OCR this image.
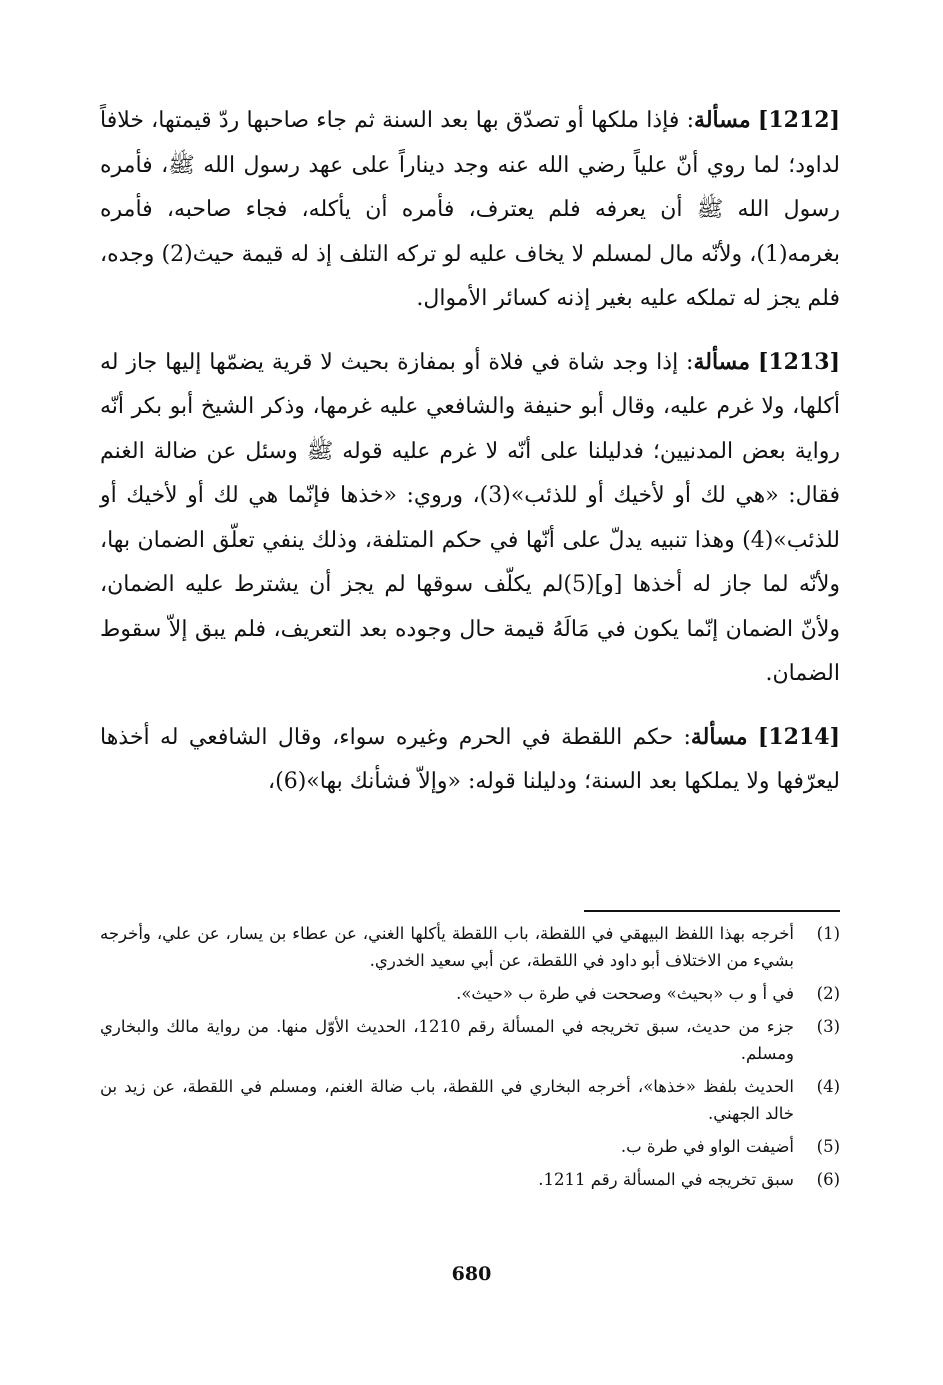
[1212] مسألة: فإذا ملكها أو تصدّق بها بعد السنة ثم جاء صاحبها ردّ قيمتها، خلافاً لداود؛ لما روي أنّ علياً رضي الله عنه وجد ديناراً على عهد رسول الله ﷺ، فأمره رسول الله ﷺ أن يعرفه فلم يعترف، فأمره أن يأكله، فجاء صاحبه، فأمره بغرمه(1)، ولأنّه مال لمسلم لا يخاف عليه لو تركه التلف إذ له قيمة حيث(2) وجده، فلم يجز له تملكه عليه بغير إذنه كسائر الأموال.

[1213] مسألة: إذا وجد شاة في فلاة أو بمفازة بحيث لا قرية يضمّها إليها جاز له أكلها، ولا غرم عليه، وقال أبو حنيفة والشافعي عليه غرمها، وذكر الشيخ أبو بكر أنّه رواية بعض المدنيين؛ فدليلنا على أنّه لا غرم عليه قوله ﷺ وسئل عن ضالة الغنم فقال: «هي لك أو لأخيك أو للذئب»(3)، وروي: «خذها فإنّما هي لك أو لأخيك أو للذئب»(4) وهذا تنبيه يدلّ على أنّها في حكم المتلفة، وذلك ينفي تعلّق الضمان بها، ولأنّه لما جاز له أخذها [و](5)لم يكلّف سوقها لم يجز أن يشترط عليه الضمان، ولأنّ الضمان إنّما يكون في مَالَهُ قيمة حال وجوده بعد التعريف، فلم يبق إلاّ سقوط الضمان.

[1214] مسألة: حكم اللقطة في الحرم وغيره سواء، وقال الشافعي له أخذها ليعرّفها ولا يملكها بعد السنة؛ ودليلنا قوله: «وإلاّ فشأنك بها»(6)،

(1)
أخرجه بهذا اللفظ البيهقي في اللقطة، باب اللقطة يأكلها الغني، عن عطاء بن يسار، عن علي، وأخرجه بشيء من الاختلاف أبو داود في اللقطة، عن أبي سعيد الخدري.
(2)
في أ و ب «بحيث» وصححت في طرة ب «حيث».
(3)
جزء من حديث، سبق تخريجه في المسألة رقم 1210، الحديث الأوّل منها. من رواية مالك والبخاري ومسلم.
(4)
الحديث بلفظ «خذها»، أخرجه البخاري في اللقطة، باب ضالة الغنم، ومسلم في اللقطة، عن زيد بن خالد الجهني.
(5)
أضيفت الواو في طرة ب.
(6)
سبق تخريجه في المسألة رقم 1211.
680
